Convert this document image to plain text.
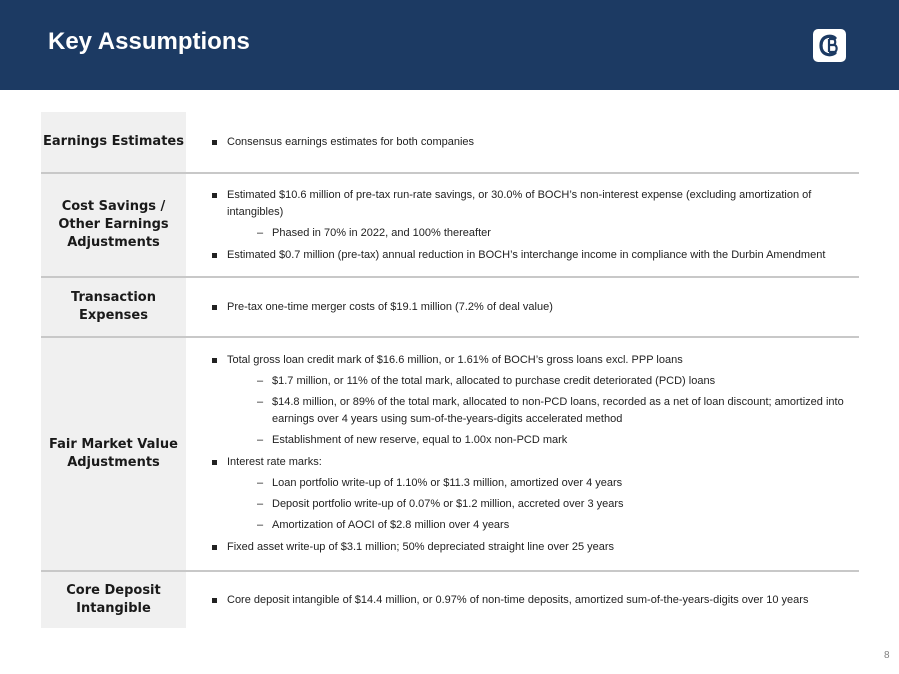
Key Assumptions
Earnings Estimates	Consensus earnings estimates for both companies
Cost Savings / Other Earnings Adjustments
Estimated $10.6 million of pre-tax run-rate savings, or 30.0% of BOCH’s non-interest expense (excluding amortization of intangibles)
– Phased in 70% in 2022, and 100% thereafter
Estimated $0.7 million (pre-tax) annual reduction in BOCH’s interchange income in compliance with the Durbin Amendment
Transaction Expenses
Pre-tax one-time merger costs of $19.1 million (7.2% of deal value)
Fair Market Value Adjustments
Total gross loan credit mark of $16.6 million, or 1.61% of BOCH’s gross loans excl. PPP loans
– $1.7 million, or 11% of the total mark, allocated to purchase credit deteriorated (PCD) loans
– $14.8 million, or 89% of the total mark, allocated to non-PCD loans, recorded as a net of loan discount; amortized into earnings over 4 years using sum-of-the-years-digits accelerated method
– Establishment of new reserve, equal to 1.00x non-PCD mark
Interest rate marks:
– Loan portfolio write-up of 1.10% or $11.3 million, amortized over 4 years
– Deposit portfolio write-up of 0.07% or $1.2 million, accreted over 3 years
– Amortization of AOCI of $2.8 million over 4 years
Fixed asset write-up of $3.1 million; 50% depreciated straight line over 25 years
Core Deposit Intangible
Core deposit intangible of $14.4 million, or 0.97% of non-time deposits, amortized sum-of-the-years-digits over 10 years
8
